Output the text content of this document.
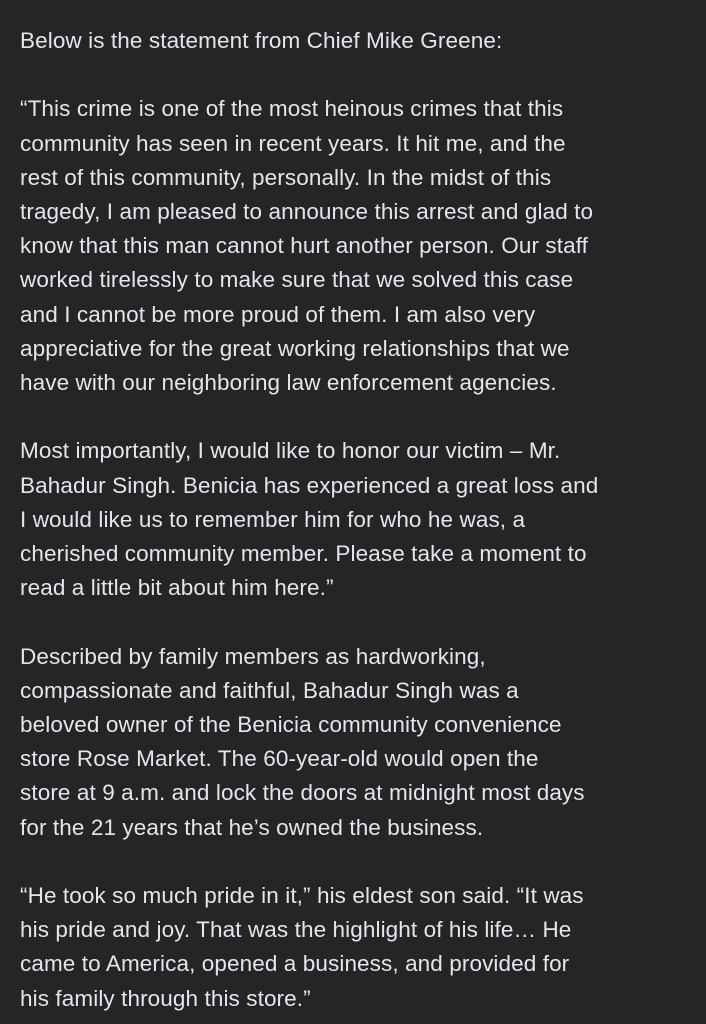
Below is the statement from Chief Mike Greene:
“This crime is one of the most heinous crimes that this
community has seen in recent years. It hit me, and the
rest of this community, personally. In the midst of this
tragedy, I am pleased to announce this arrest and glad to
know that this man cannot hurt another person. Our staff
worked tirelessly to make sure that we solved this case
and I cannot be more proud of them. I am also very
appreciative for the great working relationships that we
have with our neighboring law enforcement agencies.
Most importantly, I would like to honor our victim – Mr.
Bahadur Singh. Benicia has experienced a great loss and
I would like us to remember him for who he was, a
cherished community member. Please take a moment to
read a little bit about him here.”
Described by family members as hardworking,
compassionate and faithful, Bahadur Singh was a
beloved owner of the Benicia community convenience
store Rose Market. The 60-year-old would open the
store at 9 a.m. and lock the doors at midnight most days
for the 21 years that he’s owned the business.
“He took so much pride in it,” his eldest son said. “It was
his pride and joy. That was the highlight of his life… He
came to America, opened a business, and provided for
his family through this store.”
